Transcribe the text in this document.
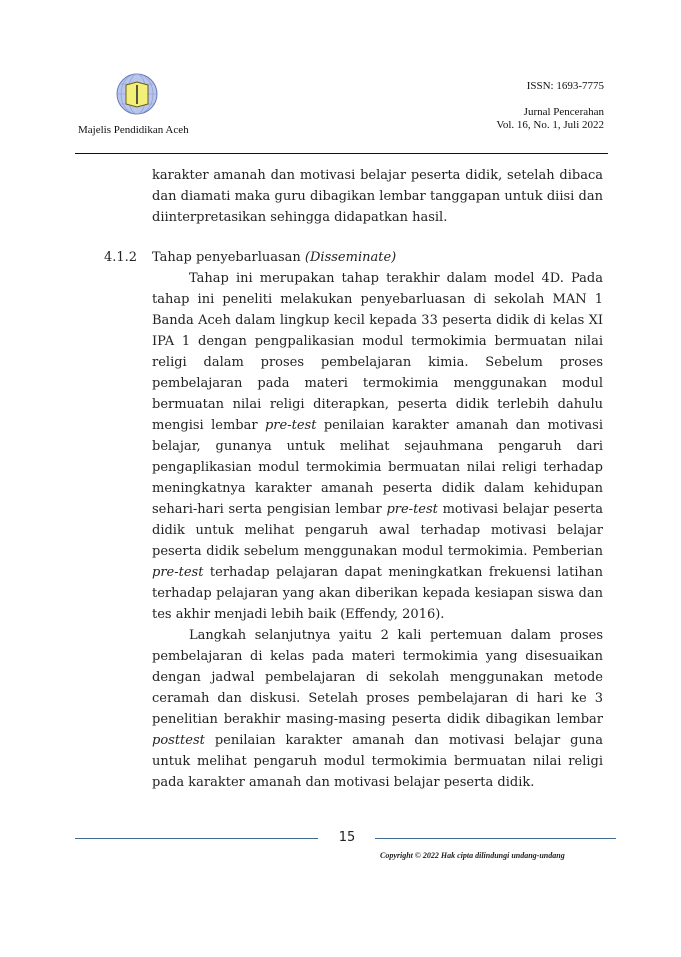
Majelis Pendidikan Aceh
ISSN: 1693-7775
Jurnal Pencerahan
Vol. 16, No. 1, Juli 2022

karakter amanah dan motivasi belajar peserta didik, setelah dibaca dan diamati maka guru dibagikan lembar tanggapan untuk diisi dan diinterpretasikan sehingga didapatkan hasil.

4.1.2 Tahap penyebarluasan (Disseminate)

Tahap ini merupakan tahap terakhir dalam model 4D. Pada tahap ini peneliti melakukan penyebarluasan di sekolah MAN 1 Banda Aceh dalam lingkup kecil kepada 33 peserta didik di kelas XI IPA 1 dengan pengpalikasian modul termokimia bermuatan nilai religi dalam proses pembelajaran kimia. Sebelum proses pembelajaran pada materi termokimia menggunakan modul bermuatan nilai religi diterapkan, peserta didik terlebih dahulu mengisi lembar pre-test penilaian karakter amanah dan motivasi belajar, gunanya untuk melihat sejauhmana pengaruh dari pengaplikasian modul termokimia bermuatan nilai religi terhadap meningkatnya karakter amanah peserta didik dalam kehidupan sehari-hari serta pengisian lembar pre-test motivasi belajar peserta didik untuk melihat pengaruh awal terhadap motivasi belajar peserta didik sebelum menggunakan modul termokimia. Pemberian pre-test terhadap pelajaran dapat meningkatkan frekuensi latihan terhadap pelajaran yang akan diberikan kepada kesiapan siswa dan tes akhir menjadi lebih baik (Effendy, 2016).

Langkah selanjutnya yaitu 2 kali pertemuan dalam proses pembelajaran di kelas pada materi termokimia yang disesuaikan dengan jadwal pembelajaran di sekolah menggunakan metode ceramah dan diskusi. Setelah proses pembelajaran di hari ke 3 penelitian berakhir masing-masing peserta didik dibagikan lembar posttest penilaian karakter amanah dan motivasi belajar guna untuk melihat pengaruh modul termokimia bermuatan nilai religi pada karakter amanah dan motivasi belajar peserta didik.

15
Copyright © 2022 Hak cipta dilindungi undang-undang
